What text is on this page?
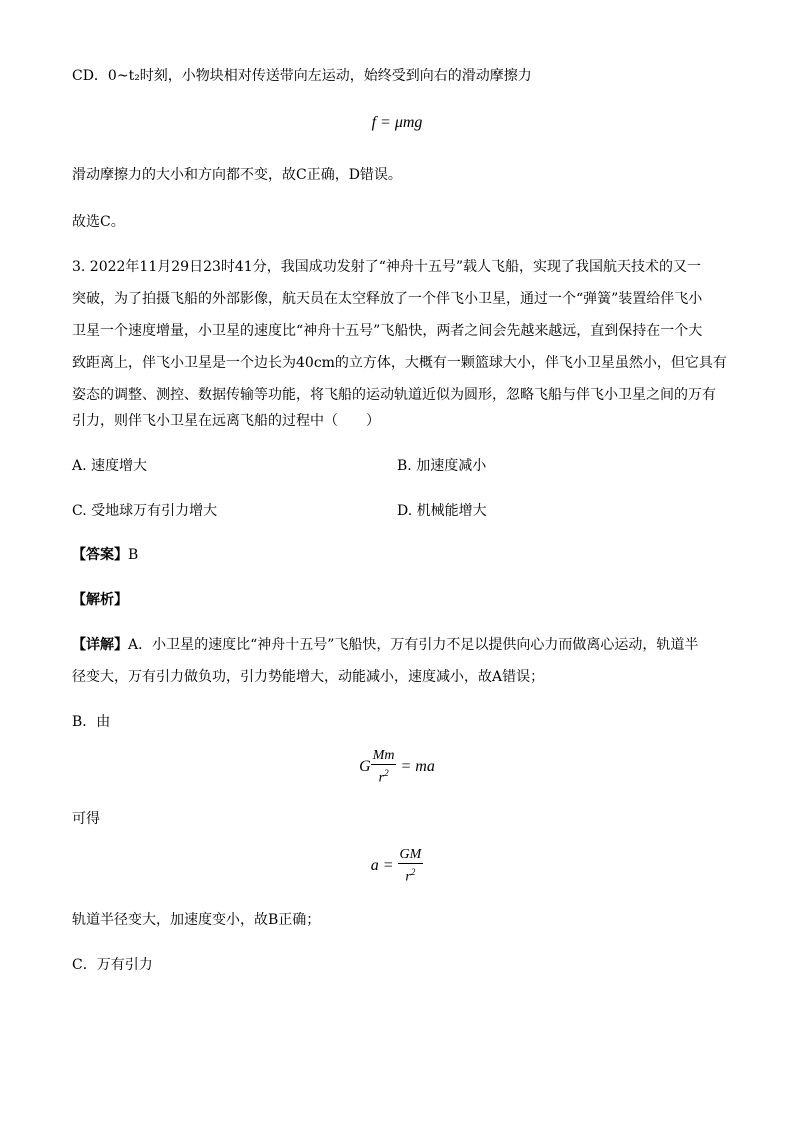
CD．0~t₂时刻，小物块相对传送带向左运动，始终受到向右的滑动摩擦力
f = μmg
滑动摩擦力的大小和方向都不变，故C正确，D错误。
故选C。
3. 2022年11月29日23时41分，我国成功发射了“神舟十五号”载人飞船，实现了我国航天技术的又一
突破，为了拍摄飞船的外部影像，航天员在太空释放了一个伴飞小卫星，通过一个“弹簧”装置给伴飞小
卫星一个速度增量，小卫星的速度比“神舟十五号”飞船快，两者之间会先越来越远，直到保持在一个大
致距离上，伴飞小卫星是一个边长为40cm的立方体，大概有一颗篮球大小，伴飞小卫星虽然小，但它具有
姿态的调整、测控、数据传输等功能，将飞船的运动轨道近似为圆形，忽略飞船与伴飞小卫星之间的万有
引力，则伴飞小卫星在远离飞船的过程中（　　）
A. 速度增大	B. 加速度减小
C. 受地球万有引力增大	D. 机械能增大
【答案】B
【解析】
【详解】A．小卫星的速度比“神舟十五号”飞船快，万有引力不足以提供向心力而做离心运动，轨道半
径变大，万有引力做负功，引力势能增大，动能减小，速度减小，故A错误；
B．由
G $\frac{Mm}{r^2}$ = ma
可得
$a = \frac{GM}{r^2}$
轨道半径变大，加速度变小，故B正确；
C．万有引力
